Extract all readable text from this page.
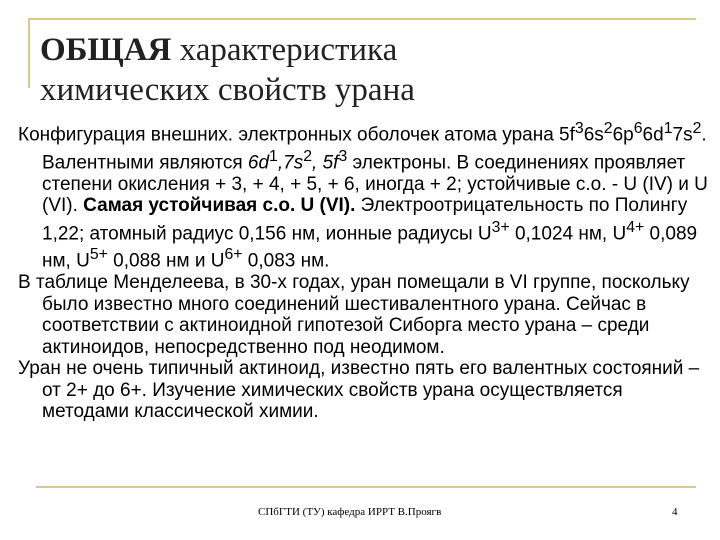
ОБЩАЯ характеристика
химических свойств урана

Конфигурация внешних. электронных оболочек атома урана $5f^36s^26p^66d^17s^2$. Валентными являются $6d^1,7s^2$, $5f^3$ электроны. В соединениях проявляет степени окисления + 3, + 4, + 5, + 6, иногда + 2; устойчивые с.о. - U (IV) и U (VI). Самая устойчивая с.о. U (VI). Электроотрицательность по Полингу 1,22; атомный радиус 0,156 нм, ионные радиусы $U^{3+}$ 0,1024 нм, $U^{4+}$ 0,089 нм, $U^{5+}$ 0,088 нм и $U^{6+}$ 0,083 нм.

В таблице Менделеева, в 30-х годах, уран помещали в VI группе, поскольку было известно много соединений шестивалентного урана. Сейчас в соответствии с актиноидной гипотезой Сиборга место урана – среди актиноидов, непосредственно под неодимом.

Уран не очень типичный актиноид, известно пять его валентных состояний – от 2+ до 6+. Изучение химических свойств урана осуществляется методами классической химии.

СПбГТИ (ТУ) кафедра ИРРТ В.Проягв	4
